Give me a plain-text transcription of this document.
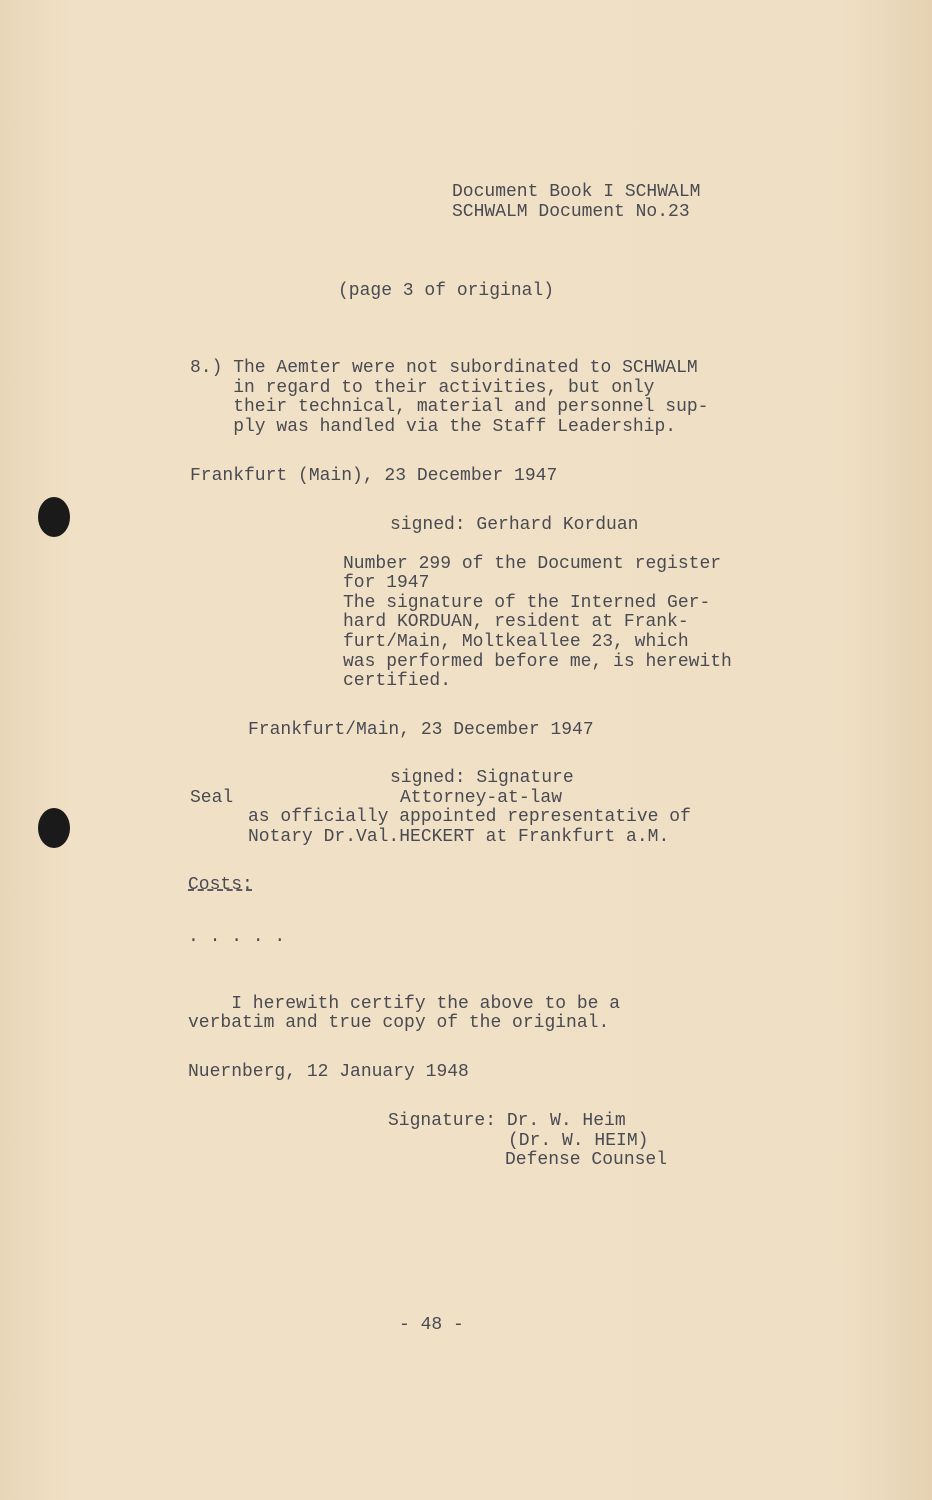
Document Book I SCHWALM
SCHWALM Document No.23
(page 3 of original)
8.) The Aemter were not subordinated to SCHWALM
in regard to their activities, but only
their technical, material and personnel sup-
ply was handled via the Staff Leadership.
Frankfurt (Main), 23 December 1947
signed: Gerhard Korduan
Number 299 of the Document register
for 1947
The signature of the Interned Ger-
hard KORDUAN, resident at Frank-
furt/Main, Moltkeallee 23, which
was performed before me, is herewith
certified.
Frankfurt/Main, 23 December 1947
signed: Signature
Seal	Attorney-at-law
as officially appointed representative of
Notary Dr.Val.HECKERT at Frankfurt a.M.
Costs:
. . . . .
I herewith certify the above to be a
verbatim and true copy of the original.
Nuernberg, 12 January 1948
Signature: Dr. W. Heim
(Dr. W. HEIM)
Defense Counsel
- 48 -
